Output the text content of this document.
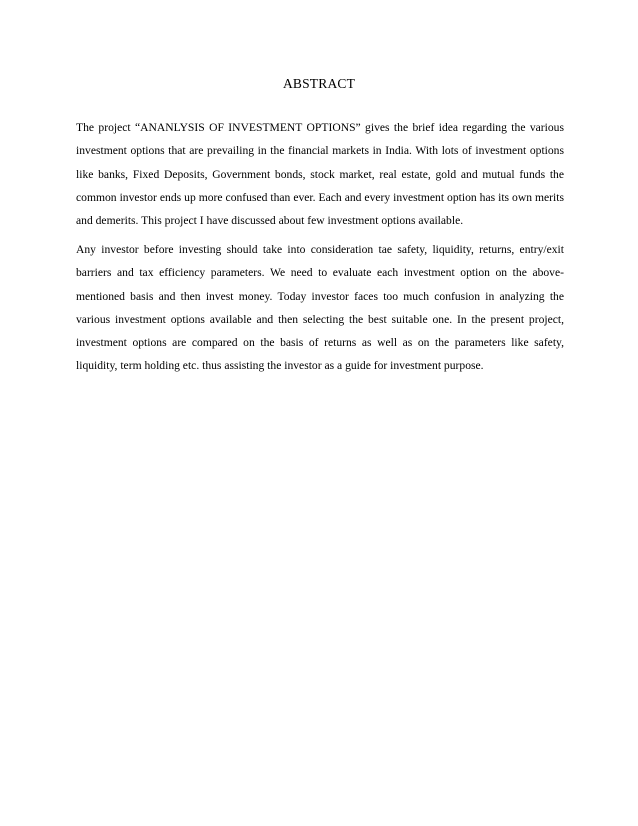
ABSTRACT

The project “ANANLYSIS OF INVESTMENT OPTIONS” gives the brief idea regarding the various investment options that are prevailing in the financial markets in India. With lots of investment options like banks, Fixed Deposits, Government bonds, stock market, real estate, gold and mutual funds the common investor ends up more confused than ever. Each and every investment option has its own merits and demerits. This project I have discussed about few investment options available.

Any investor before investing should take into consideration tae safety, liquidity, returns, entry/exit barriers and tax efficiency parameters. We need to evaluate each investment option on the above-mentioned basis and then invest money. Today investor faces too much confusion in analyzing the various investment options available and then selecting the best suitable one. In the present project, investment options are compared on the basis of returns as well as on the parameters like safety, liquidity, term holding etc. thus assisting the investor as a guide for investment purpose.
